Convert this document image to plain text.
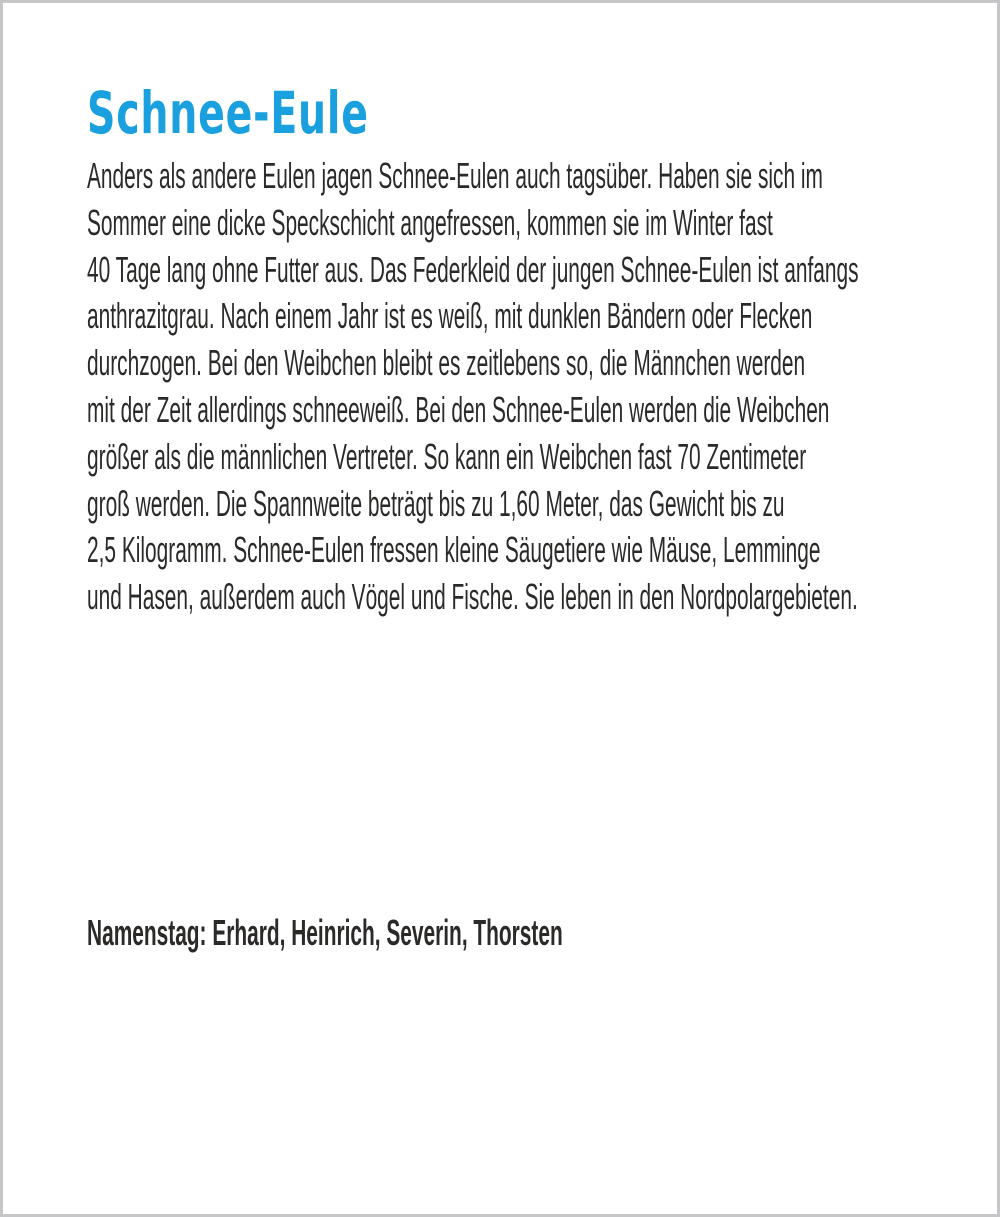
Schnee-Eule
Anders als andere Eulen jagen Schnee-Eulen auch tagsüber. Haben sie sich im
Sommer eine dicke Speckschicht angefressen, kommen sie im Winter fast
40 Tage lang ohne Futter aus. Das Federkleid der jungen Schnee-Eulen ist anfangs
anthrazitgrau. Nach einem Jahr ist es weiß, mit dunklen Bändern oder Flecken
durchzogen. Bei den Weibchen bleibt es zeitlebens so, die Männchen werden
mit der Zeit allerdings schneeweiß. Bei den Schnee-Eulen werden die Weibchen
größer als die männlichen Vertreter. So kann ein Weibchen fast 70 Zentimeter
groß werden. Die Spannweite beträgt bis zu 1,60 Meter, das Gewicht bis zu
2,5 Kilogramm. Schnee-Eulen fressen kleine Säugetiere wie Mäuse, Lemminge
und Hasen, außerdem auch Vögel und Fische. Sie leben in den Nordpolargebieten.
Namenstag: Erhard, Heinrich, Severin, Thorsten
